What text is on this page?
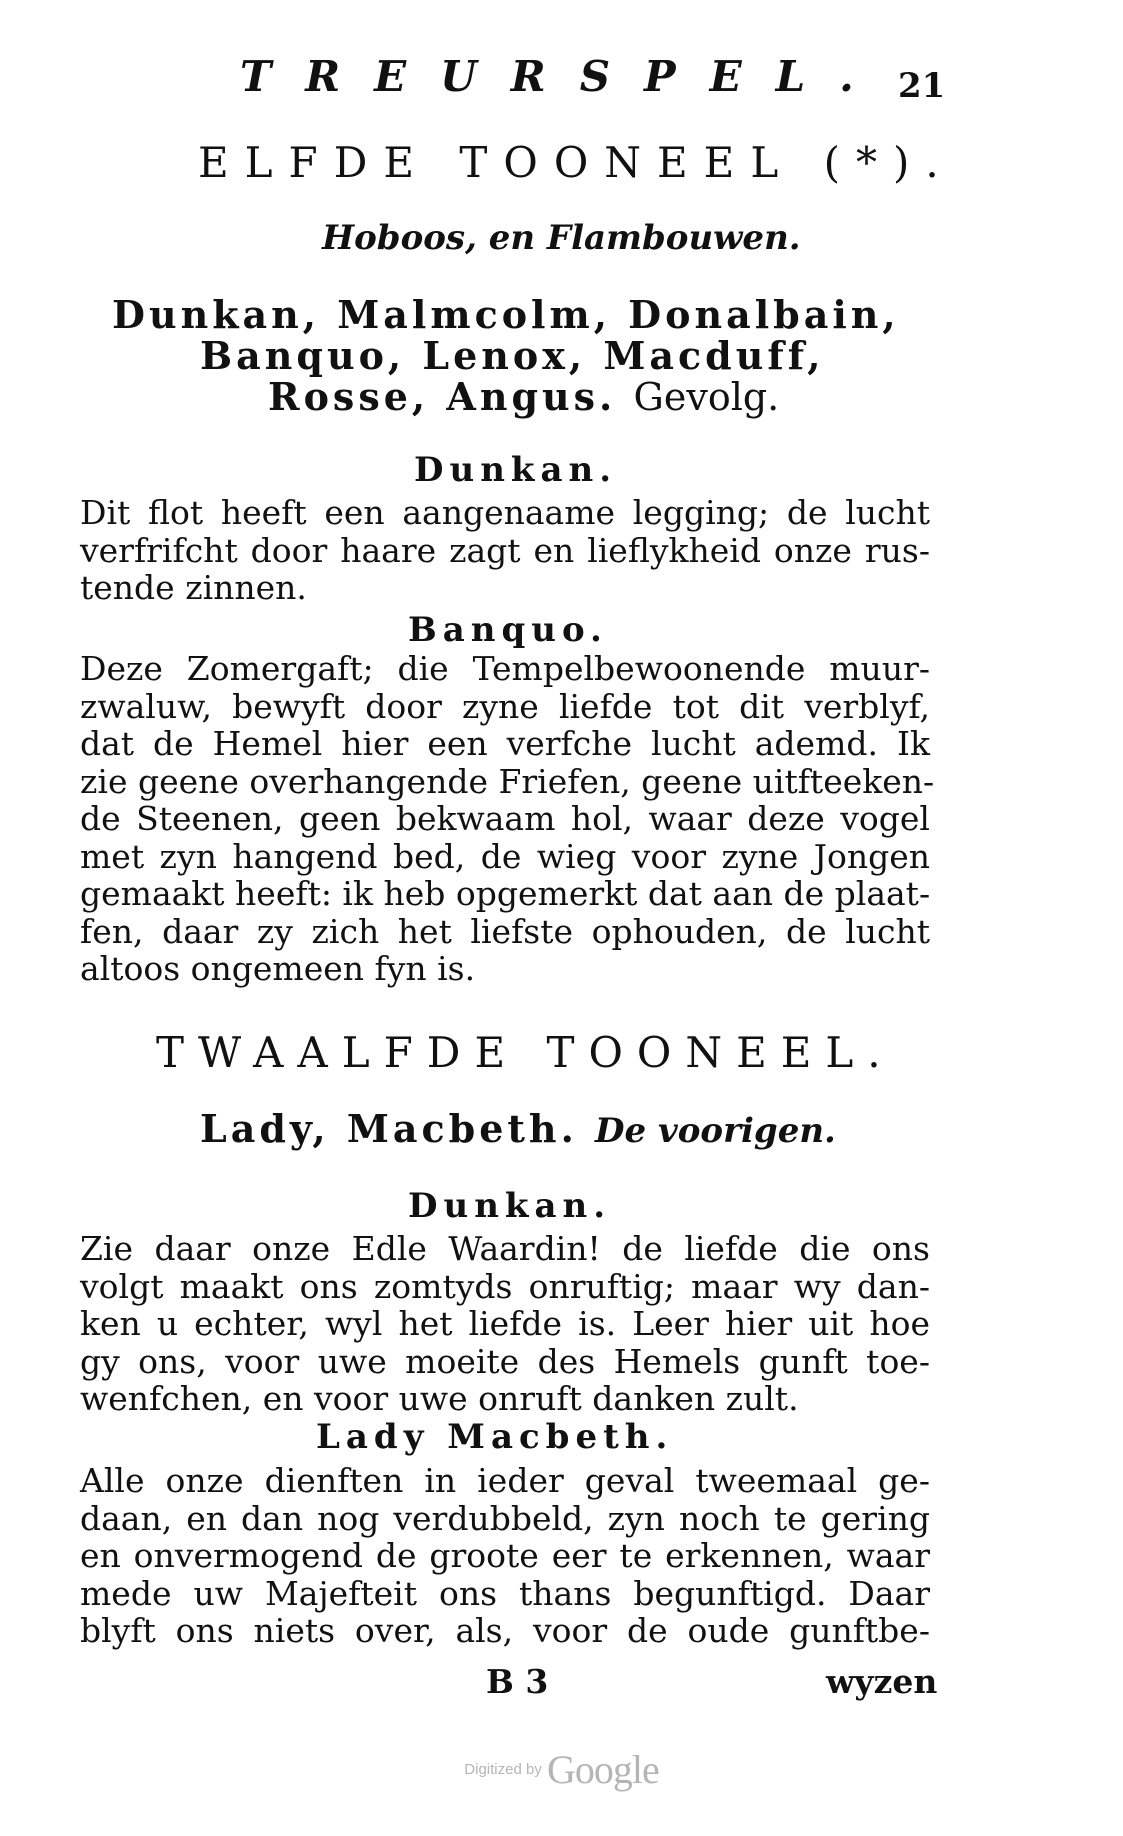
TREURSPEL. 21
ELFDE TOONEEL (*).
Hoboos, en Flambouwen.
Dunkan, Malmcolm, Donalbain,
Banquo, Lenox, Macduff,
Rosse, Angus. Gevolg.
Dunkan.
Dit flot heeft een aangenaame legging; de lucht
verfrifcht door haare zagt en lieflykheid onze rus-
tende zinnen.
Banquo.
Deze Zomergaft; die Tempelbewoonende muur-
zwaluw, bewyft door zyne liefde tot dit verblyf,
dat de Hemel hier een verfche lucht ademd. Ik
zie geene overhangende Friefen, geene uitfteeken-
de Steenen, geen bekwaam hol, waar deze vogel
met zyn hangend bed, de wieg voor zyne Jongen
gemaakt heeft: ik heb opgemerkt dat aan de plaat-
fen, daar zy zich het liefste ophouden, de lucht
altoos ongemeen fyn is.
TWAALFDE TOONEEL.
Lady, Macbeth. De voorigen.
Dunkan.
Zie daar onze Edle Waardin! de liefde die ons
volgt maakt ons zomtyds onruftig; maar wy dan-
ken u echter, wyl het liefde is. Leer hier uit hoe
gy ons, voor uwe moeite des Hemels gunft toe-
wenfchen, en voor uwe onruft danken zult.
Lady Macbeth.
Alle onze dienften in ieder geval tweemaal ge-
daan, en dan nog verdubbeld, zyn noch te gering
en onvermogend de groote eer te erkennen, waar
mede uw Majefteit ons thans begunftigd. Daar
blyft ons niets over, als, voor de oude gunftbe-
B 3	wyzen
Digitized by Google
